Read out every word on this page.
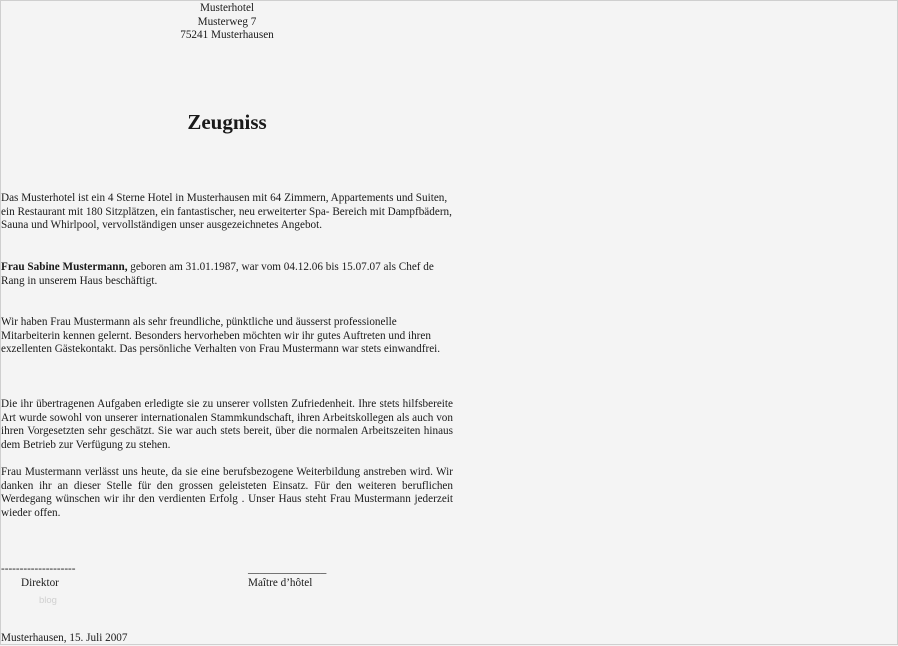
Musterhotel
Musterweg 7
75241 Musterhausen
Zeugniss

Das Musterhotel ist ein 4 Sterne Hotel in Musterhausen mit 64 Zimmern, Appartements und Suiten, ein Restaurant mit 180 Sitzplätzen, ein fantastischer, neu erweiterter Spa- Bereich mit Dampfbädern, Sauna und Whirlpool, vervollständigen unser ausgezeichnetes Angebot.

Frau Sabine Mustermann, geboren am 31.01.1987, war vom 04.12.06 bis 15.07.07 als Chef de Rang in unserem Haus beschäftigt.

Wir haben Frau Mustermann als sehr freundliche, pünktliche und äusserst professionelle Mitarbeiterin kennen gelernt. Besonders hervorheben möchten wir ihr gutes Auftreten und ihren exzellenten Gästekontakt. Das persönliche Verhalten von Frau Mustermann war stets einwandfrei.

Die ihr übertragenen Aufgaben erledigte sie zu unserer vollsten Zufriedenheit. Ihre stets hilfsbereite Art wurde sowohl von unserer internationalen Stammkundschaft, ihren Arbeitskollegen als auch von ihren Vorgesetzten sehr geschätzt. Sie war auch stets bereit, über die normalen Arbeitszeiten hinaus dem Betrieb zur Verfügung zu stehen.

Frau Mustermann verlässt uns heute, da sie eine berufsbezogene Weiterbildung anstreben wird. Wir danken ihr an dieser Stelle für den grossen geleisteten Einsatz. Für den weiteren beruflichen Werdegang wünschen wir ihr den verdienten Erfolg . Unser Haus steht Frau Mustermann jederzeit wieder offen.

--------------------	______________
Direktor	Maître d’hôtel
blog
Musterhausen, 15. Juli 2007
